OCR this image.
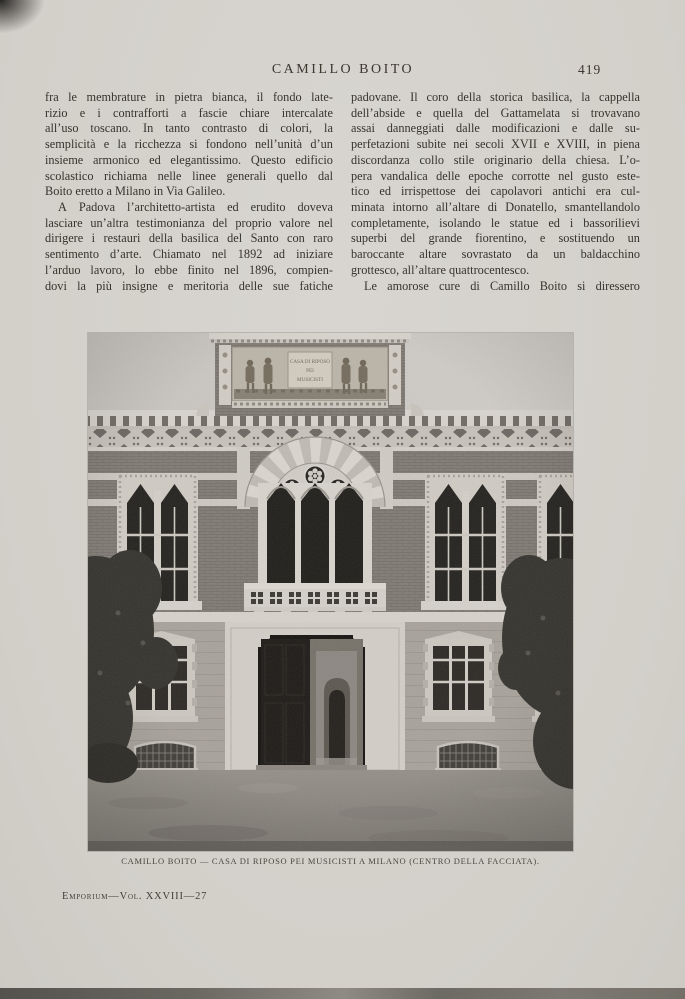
CAMILLO BOITO	419
fra le membrature in pietra bianca, il fondo late-
rizio e i contrafforti a fascie chiare intercalate
all’uso toscano. In tanto contrasto di colori, la
semplicità e la ricchezza si fondono nell’unità d’un
insieme armonico ed elegantissimo. Questo edificio
scolastico richiama nelle linee generali quello dal
Boito eretto a Milano in Via Galileo.
A Padova l’architetto-artista ed erudito doveva
lasciare un’altra testimonianza del proprio valore nel
dirigere i restauri della basilica del Santo con raro
sentimento d’arte. Chiamato nel 1892 ad iniziare
l’arduo lavoro, lo ebbe finito nel 1896, compien-
dovi la più insigne e meritoria delle sue fatiche
padovane. Il coro della storica basilica, la cappella
dell’abside e quella del Gattamelata si trovavano
assai danneggiati dalle modificazioni e dalle su-
perfetazioni subite nei secoli XVII e XVIII, in piena
discordanza collo stile originario della chiesa. L’o-
pera vandalica delle epoche corrotte nel gusto este-
tico ed irrispettose dei capolavori antichi era cul-
minata intorno all’altare di Donatello, smantellandolo
completamente, isolando le statue ed i bassorilievi
superbi del grande fiorentino, e sostituendo un
baroccante altare sovrastato da un baldacchino
grottesco, all’altare quattrocentesco.
Le amorose cure di Camillo Boito si diressero
CAMILLO BOITO — CASA DI RIPOSO PEI MUSICISTI A MILANO (CENTRO DELLA FACCIATA).
Emporium—Vol. XXVIII—27
